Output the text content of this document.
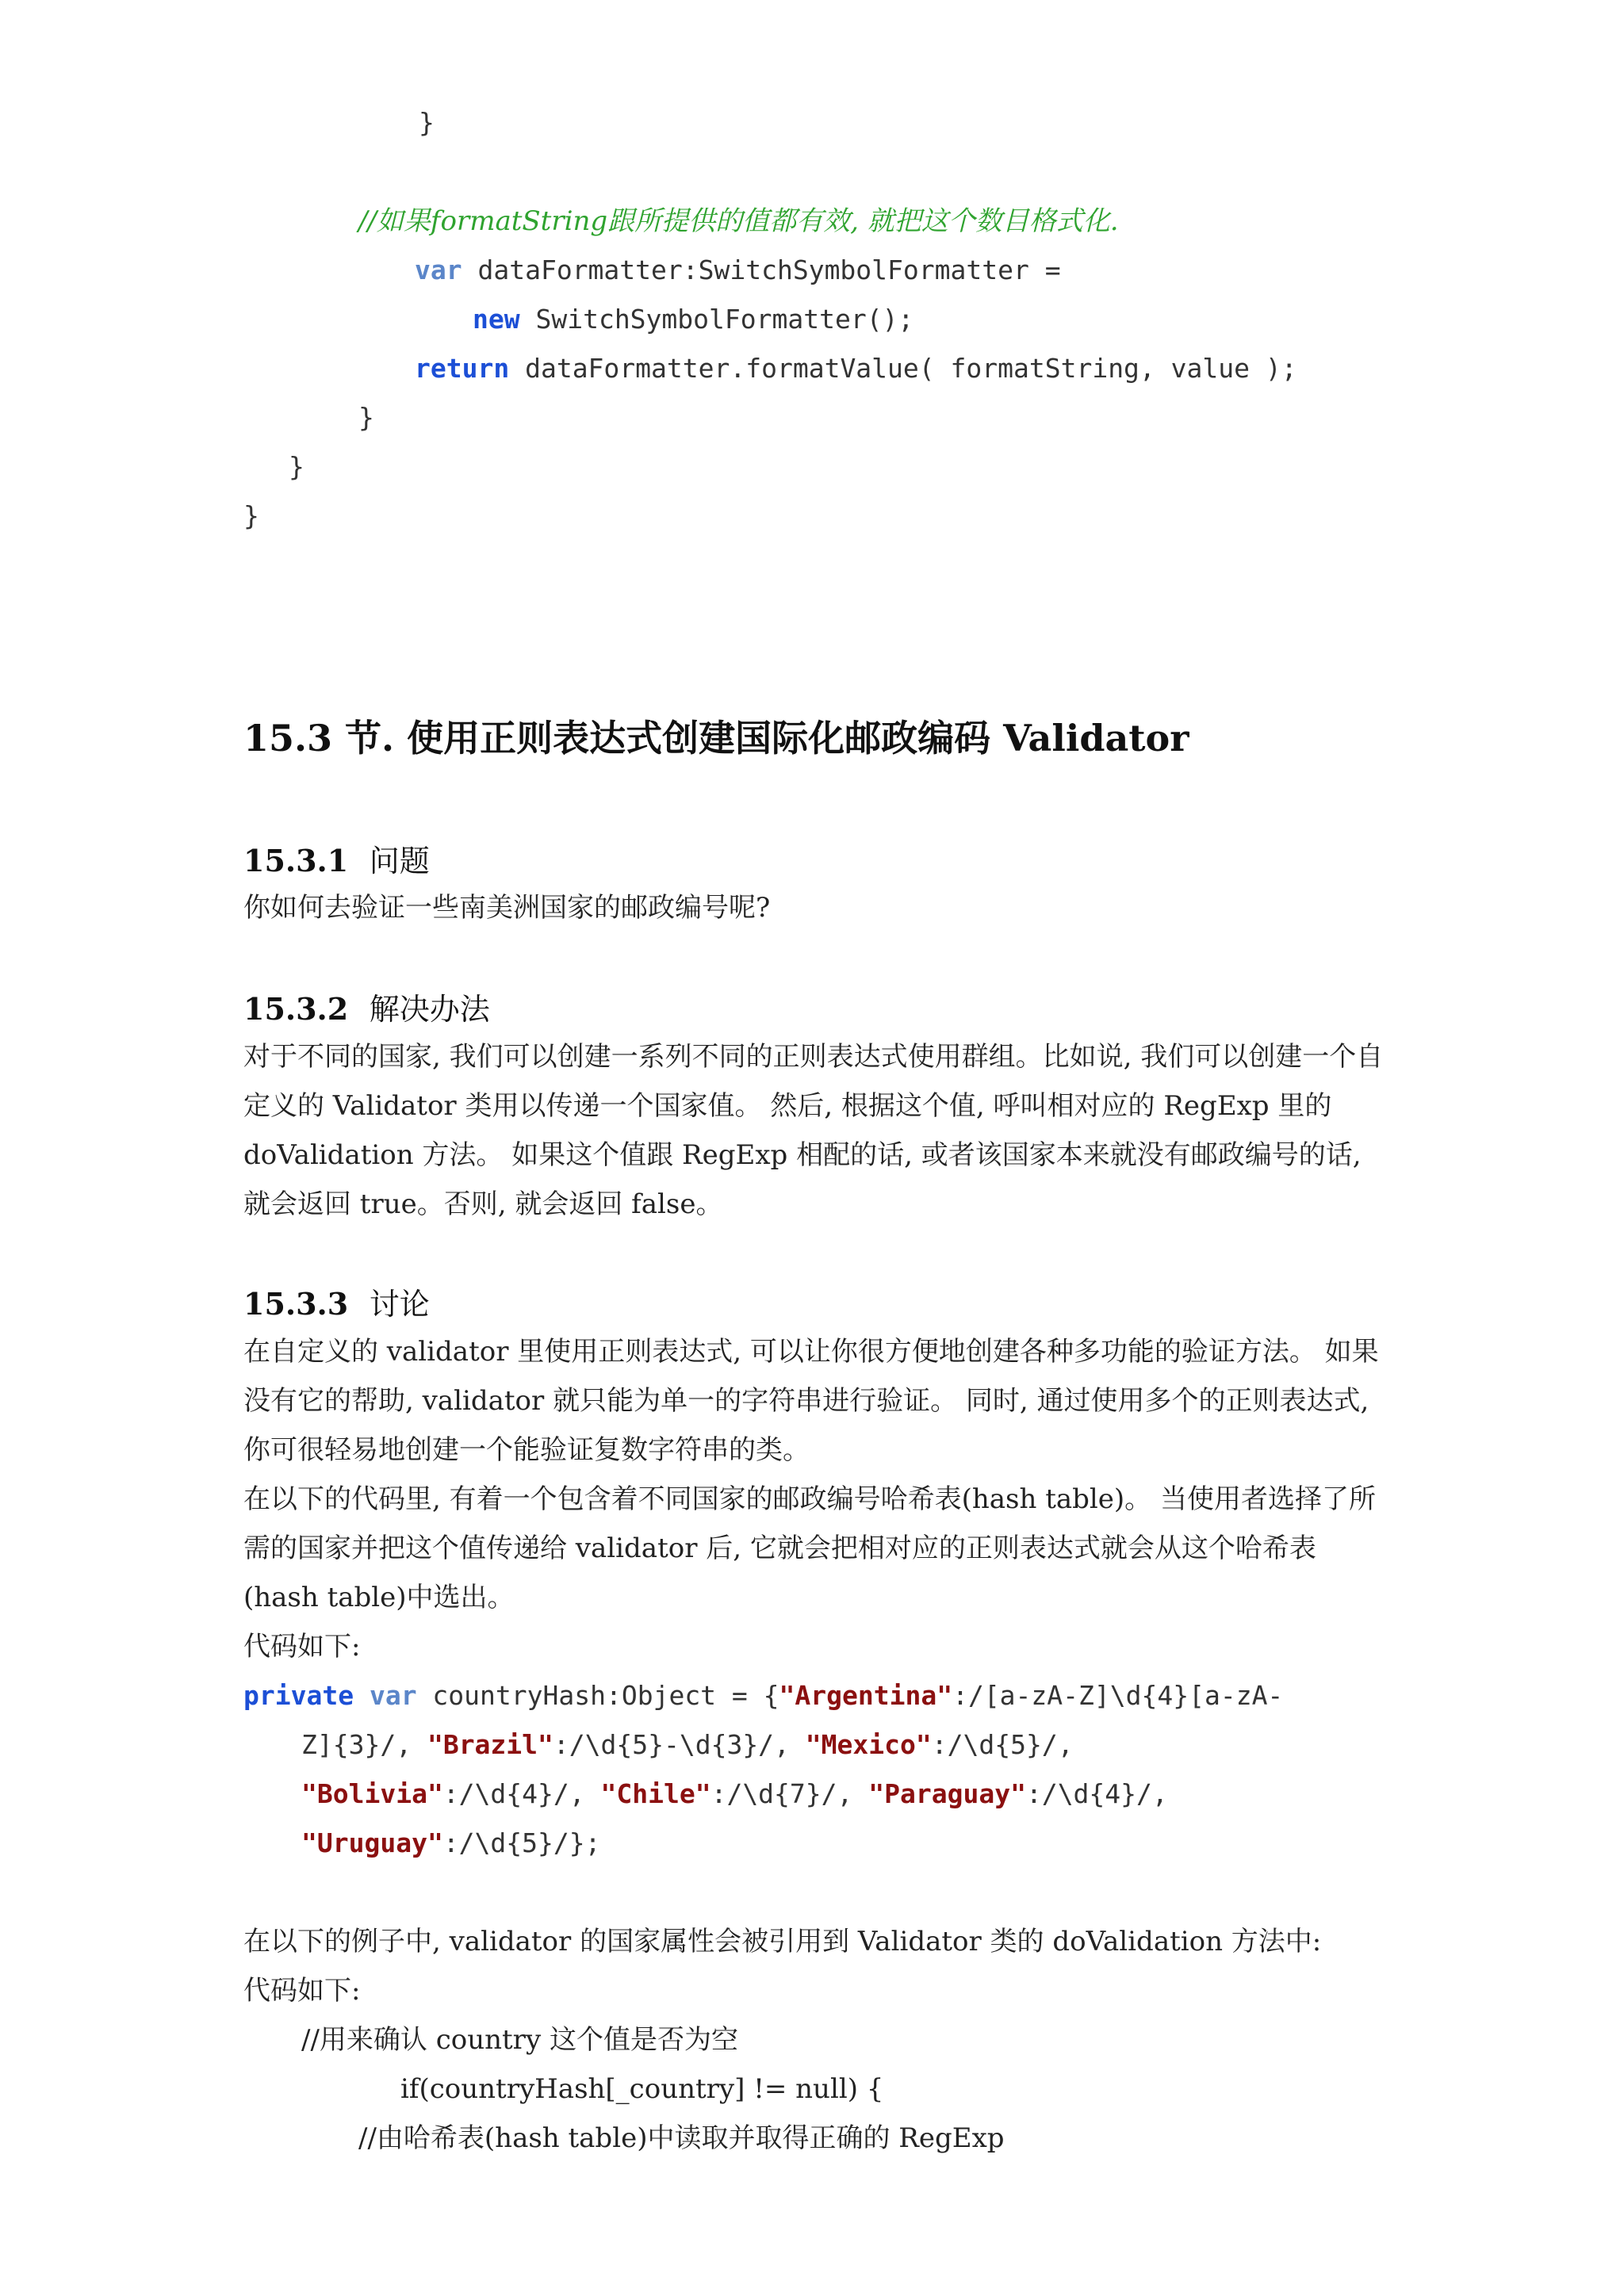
}
//如果formatString跟所提供的值都有效, 就把这个数目格式化.
var dataFormatter:SwitchSymbolFormatter =
new SwitchSymbolFormatter();
return dataFormatter.formatValue( formatString, value );
}
}
}
15.3 节. 使用正则表达式创建国际化邮政编码 Validator
15.3.1 问题
你如何去验证一些南美洲国家的邮政编号呢?
15.3.2 解决办法
对于不同的国家, 我们可以创建一系列不同的正则表达式使用群组。比如说, 我们可以创建一个自定义的 Validator 类用以传递一个国家值。 然后, 根据这个值, 呼叫相对应的 RegExp 里的 doValidation 方法。 如果这个值跟 RegExp 相配的话, 或者该国家本来就没有邮政编号的话, 就会返回 true。否则, 就会返回 false。
15.3.3 讨论
在自定义的 validator 里使用正则表达式, 可以让你很方便地创建各种多功能的验证方法。 如果没有它的帮助, validator 就只能为单一的字符串进行验证。 同时, 通过使用多个的正则表达式, 你可很轻易地创建一个能验证复数字符串的类。
在以下的代码里, 有着一个包含着不同国家的邮政编号哈希表(hash table)。 当使用者选择了所需的国家并把这个值传递给 validator 后, 它就会把相对应的正则表达式就会从这个哈希表(hash table)中选出。
代码如下:
private var countryHash:Object = {"Argentina":/[a-zA-Z]\d{4}[a-zA-
Z]{3}/, "Brazil":/\d{5}-\d{3}/, "Mexico":/\d{5}/,
"Bolivia":/\d{4}/, "Chile":/\d{7}/, "Paraguay":/\d{4}/,
"Uruguay":/\d{5}/};
在以下的例子中, validator 的国家属性会被引用到 Validator 类的 doValidation 方法中:
代码如下:
//用来确认 country 这个值是否为空
if(countryHash[_country] != null) {
//由哈希表(hash table)中读取并取得正确的 RegExp
